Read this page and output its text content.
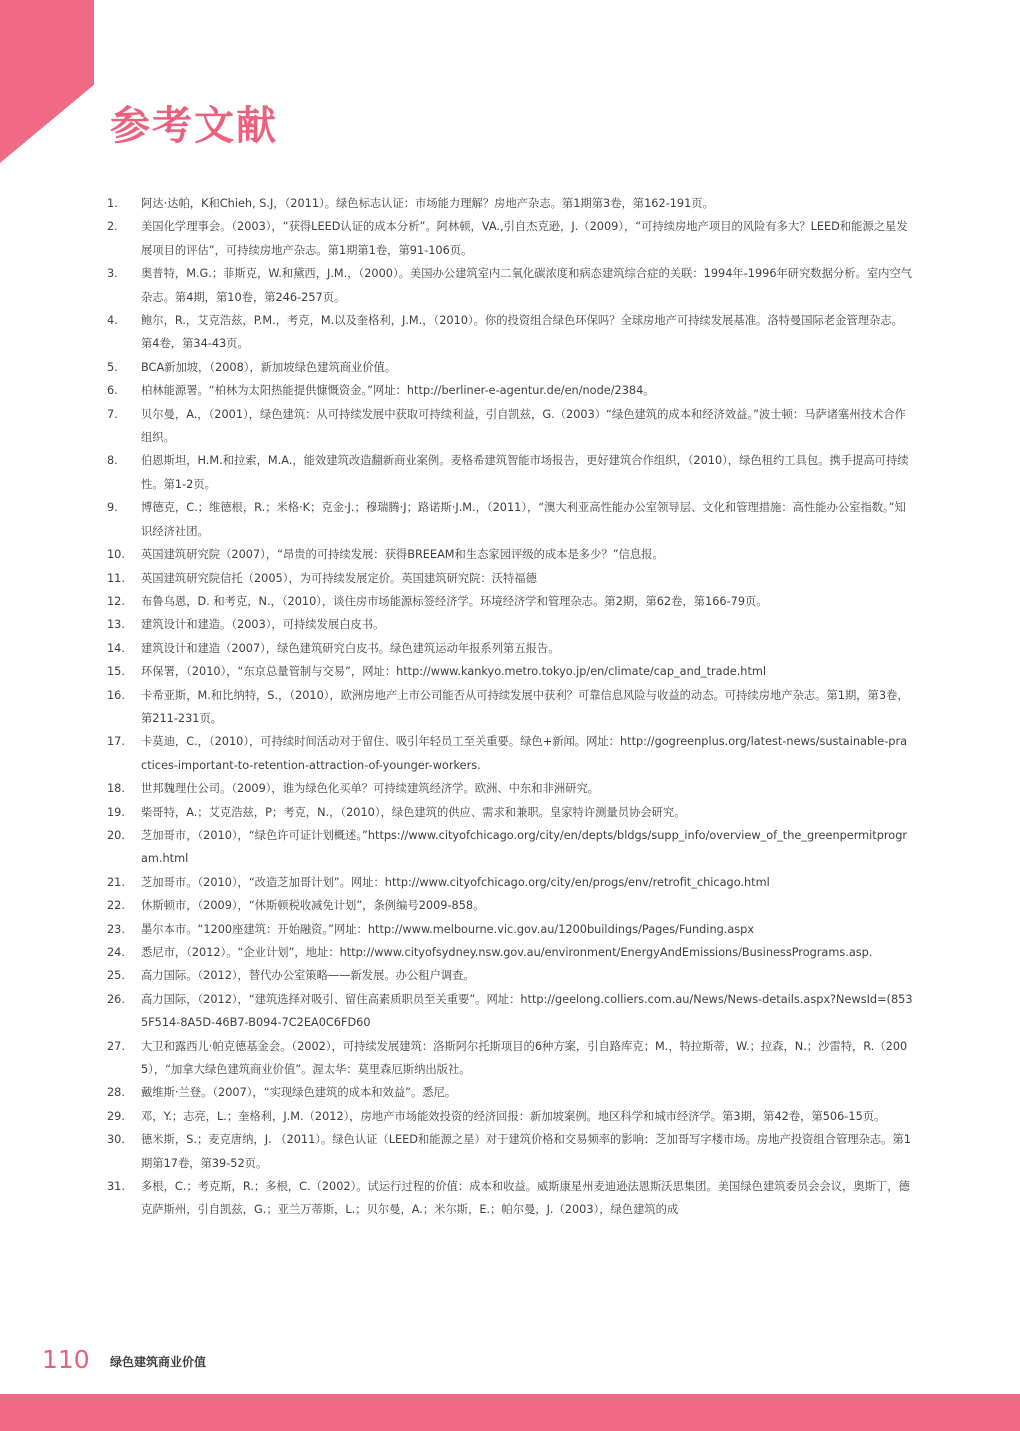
参考文献
1.	阿达·达帕，K和Chieh, S.J，（2011）。绿色标志认证：市场能力理解？房地产杂志。第1期第3卷，第162-191页。
2.	美国化学理事会。（2003），“获得LEED认证的成本分析”。阿林顿，VA.,引自杰克逊，J.（2009），“可持续房地产项目的风险有多大？LEED和能源之星发展项目的评估”，可持续房地产杂志。第1期第1卷，第91-106页。
3.	奥普特，M.G.；菲斯克，W.和黛西，J.M.，（2000）。美国办公建筑室内二氧化碳浓度和病态建筑综合症的关联：1994年-1996年研究数据分析。室内空气杂志。第4期，第10卷，第246-257页。
4.	鲍尔，R.，艾克浩兹，P.M.，考克，M.以及奎格利，J.M.，（2010）。你的投资组合绿色环保吗？全球房地产可持续发展基准。洛特曼国际老金管理杂志。第4卷，第34-43页。
5.	BCA新加坡，（2008），新加坡绿色建筑商业价值。
6.	柏林能源署。“柏林为太阳热能提供慷慨资金。”网址：http://berliner-e-agentur.de/en/node/2384。
7.	贝尔曼，A.，（2001），绿色建筑：从可持续发展中获取可持续利益，引自凯兹，G.（2003）“绿色建筑的成本和经济效益。”波士顿：马萨诸塞州技术合作组织。
8.	伯恩斯坦，H.M.和拉索，M.A.，能效建筑改造翻新商业案例。麦格希建筑智能市场报告，更好建筑合作组织，（2010），绿色租约工具包。携手提高可持续性。第1-2页。
9.	博德克，C.；维德根，R.；米格·K；克金·J.；穆瑞腾·J；路诺斯·J.M.，（2011），“澳大利亚高性能办公室领导层、文化和管理措施：高性能办公室指数。”知识经济社团。
10.	英国建筑研究院（2007），“昂贵的可持续发展：获得BREEAM和生态家园评级的成本是多少？”信息报。
11.	英国建筑研究院信托（2005），为可持续发展定价。英国建筑研究院：沃特福德
12.	布鲁乌恩，D. 和考克，N.，（2010），谈住房市场能源标签经济学。环境经济学和管理杂志。第2期，第62卷，第166-79页。
13.	建筑设计和建造。（2003），可持续发展白皮书。
14.	建筑设计和建造（2007），绿色建筑研究白皮书。绿色建筑运动年报系列第五报告。
15.	环保署，（2010），“东京总量管制与交易”，网址：http://www.kankyo.metro.tokyo.jp/en/climate/cap_and_trade.html
16.	卡希亚斯，M.和比纳特，S.，（2010），欧洲房地产上市公司能否从可持续发展中获利？可靠信息风险与收益的动态。可持续房地产杂志。第1期，第3卷，第211-231页。
17.	卡莫迪，C.，（2010），可持续时间活动对于留住、吸引年轻员工至关重要。绿色+新闻。网址：http://gogreenplus.org/latest-news/sustainable-practices-important-to-retention-attraction-of-younger-workers.
18.	世邦魏理仕公司。（2009），谁为绿色化买单？可持续建筑经济学。欧洲、中东和非洲研究。
19.	柴哥特，A.；艾克浩兹，P；考克，N.，（2010），绿色建筑的供应、需求和兼职。皇家特许测量员协会研究。
20.	芝加哥市，（2010），“绿色许可证计划概述。”https://www.cityofchicago.org/city/en/depts/bldgs/supp_info/overview_of_the_greenpermitprogram.html
21.	芝加哥市。（2010），“改造芝加哥计划”。网址：http://www.cityofchicago.org/city/en/progs/env/retrofit_chicago.html
22.	休斯顿市，（2009），“休斯顿税收减免计划”，条例编号2009-858。
23.	墨尔本市。“1200座建筑：开始融资。”网址：http://www.melbourne.vic.gov.au/1200buildings/Pages/Funding.aspx
24.	悉尼市，（2012）。“企业计划”，地址：http://www.cityofsydney.nsw.gov.au/environment/EnergyAndEmissions/BusinessPrograms.asp.
25.	高力国际。（2012），替代办公室策略——新发展。办公租户调查。
26.	高力国际，（2012），“建筑选择对吸引、留住高素质职员至关重要”。网址：http://geelong.colliers.com.au/News/News-details.aspx?NewsId=(8535F514-8A5D-46B7-B094-7C2EA0C6FD60
27.	大卫和露西儿·帕克德基金会。（2002），可持续发展建筑：洛斯阿尔托斯项目的6种方案，引自路库克；M.，特拉斯蒂，W.；拉森，N.；沙雷特，R.（2005），“加拿大绿色建筑商业价值”。渥太华：莫里森厄斯纳出版社。
28.	戴维斯·兰登。（2007），“实现绿色建筑的成本和效益”。悉尼。
29.	邓，Y.；志亮，L.；奎格利，J.M.（2012），房地产市场能效投资的经济回报：新加坡案例。地区科学和城市经济学。第3期，第42卷，第506-15页。
30.	德米斯，S.；麦克唐纳，J. （2011）。绿色认证（LEED和能源之星）对于建筑价格和交易频率的影响：芝加哥写字楼市场。房地产投资组合管理杂志。第1期第17卷，第39-52页。
31.	多根，C.；考克斯，R.；多根，C.（2002）。试运行过程的价值：成本和收益。威斯康星州麦迪逊法恩斯沃思集团。美国绿色建筑委员会会议，奥斯丁，德克萨斯州，引自凯兹，G.；亚兰万蒂斯，L.；贝尔曼，A.；米尔斯，E.；帕尔曼，J.（2003），绿色建筑的成
110 绿色建筑商业价值
